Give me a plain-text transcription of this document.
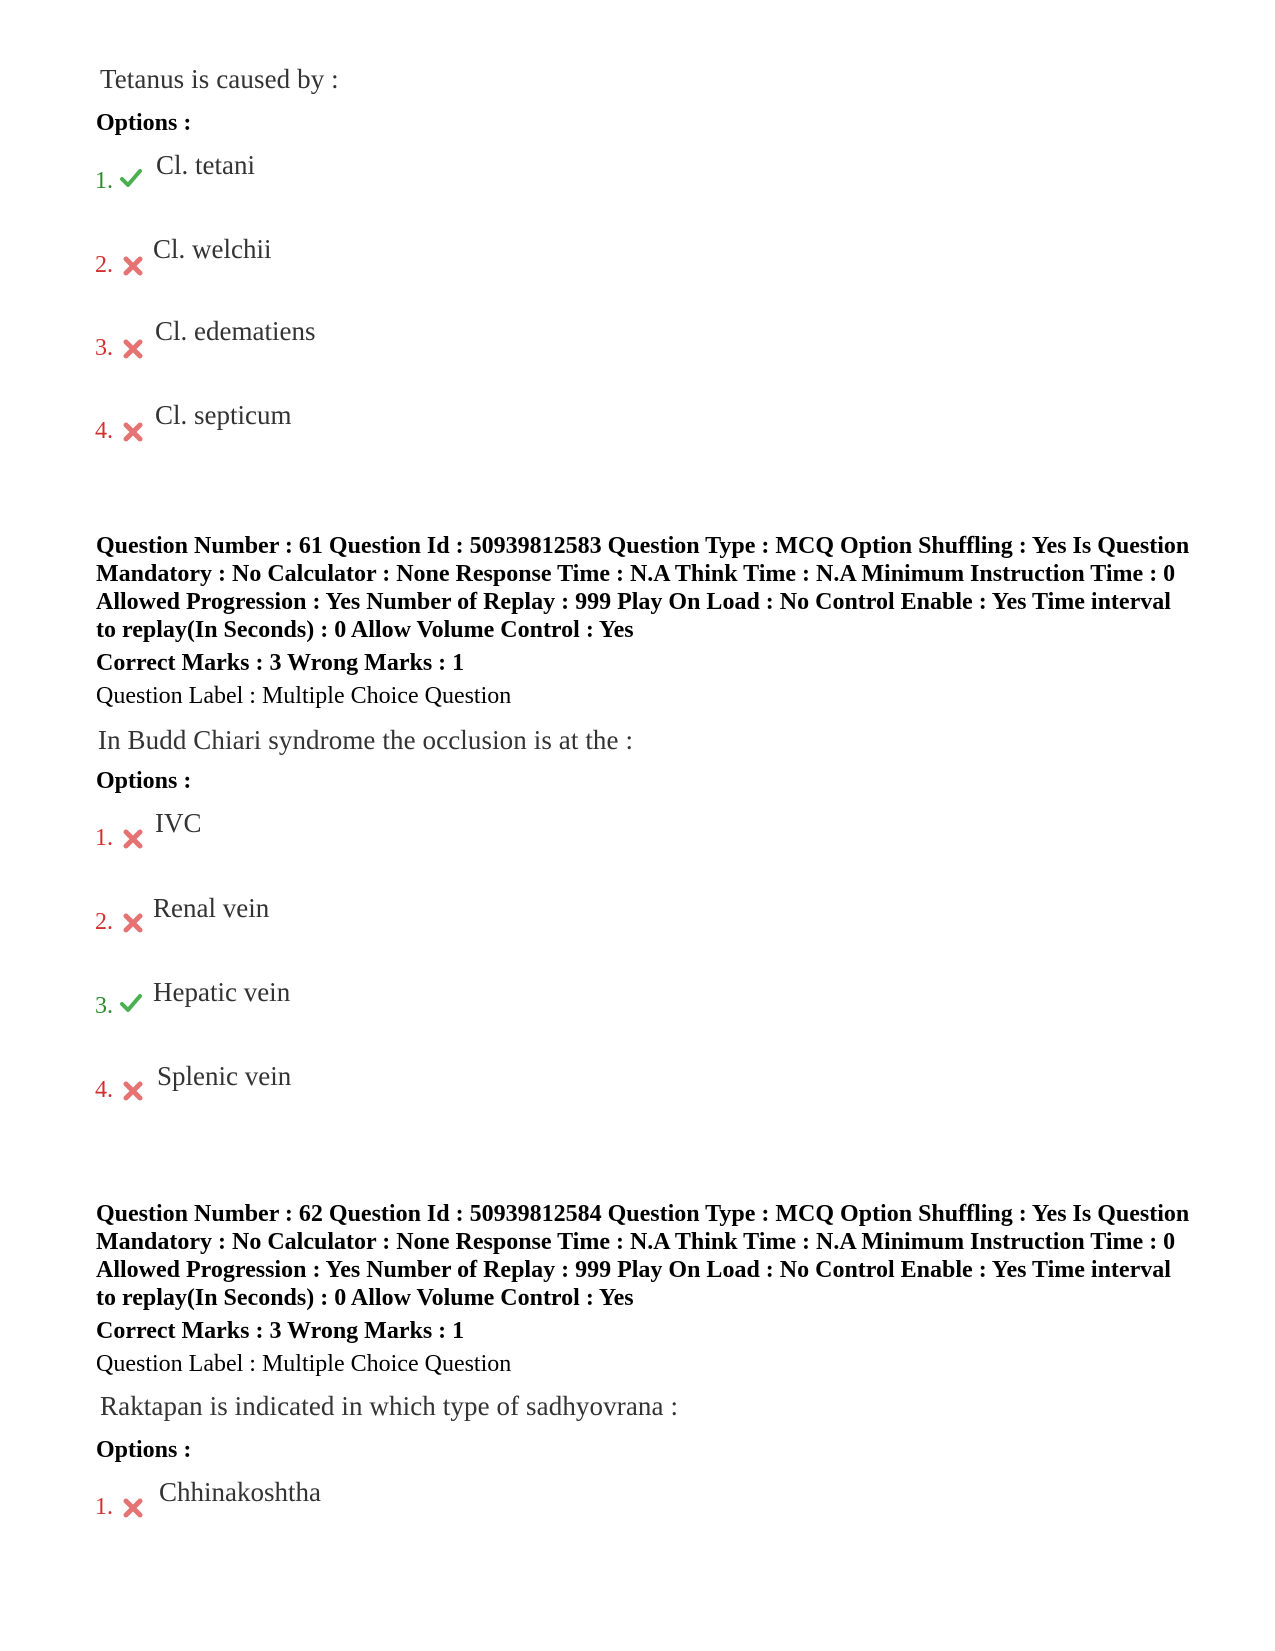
Tetanus is caused by :
Options :
1.
Cl. tetani
2.
Cl. welchii
3.
Cl. edematiens
4.
Cl. septicum
Question Number : 61 Question Id : 50939812583 Question Type : MCQ Option Shuffling : Yes Is Question Mandatory : No Calculator : None Response Time : N.A Think Time : N.A Minimum Instruction Time : 0 Allowed Progression : Yes Number of Replay : 999 Play On Load : No Control Enable : Yes Time interval to replay(In Seconds) : 0 Allow Volume Control : Yes
Correct Marks : 3 Wrong Marks : 1
Question Label : Multiple Choice Question
In Budd Chiari syndrome the occlusion is at the :
Options :
1. IVC
2. Renal vein
3. Hepatic vein
4. Splenic vein
Question Number : 62 Question Id : 50939812584 Question Type : MCQ Option Shuffling : Yes Is Question Mandatory : No Calculator : None Response Time : N.A Think Time : N.A Minimum Instruction Time : 0 Allowed Progression : Yes Number of Replay : 999 Play On Load : No Control Enable : Yes Time interval to replay(In Seconds) : 0 Allow Volume Control : Yes
Correct Marks : 3 Wrong Marks : 1
Question Label : Multiple Choice Question
Raktapan is indicated in which type of sadhyovrana :
Options :
1. Chhinakoshtha
